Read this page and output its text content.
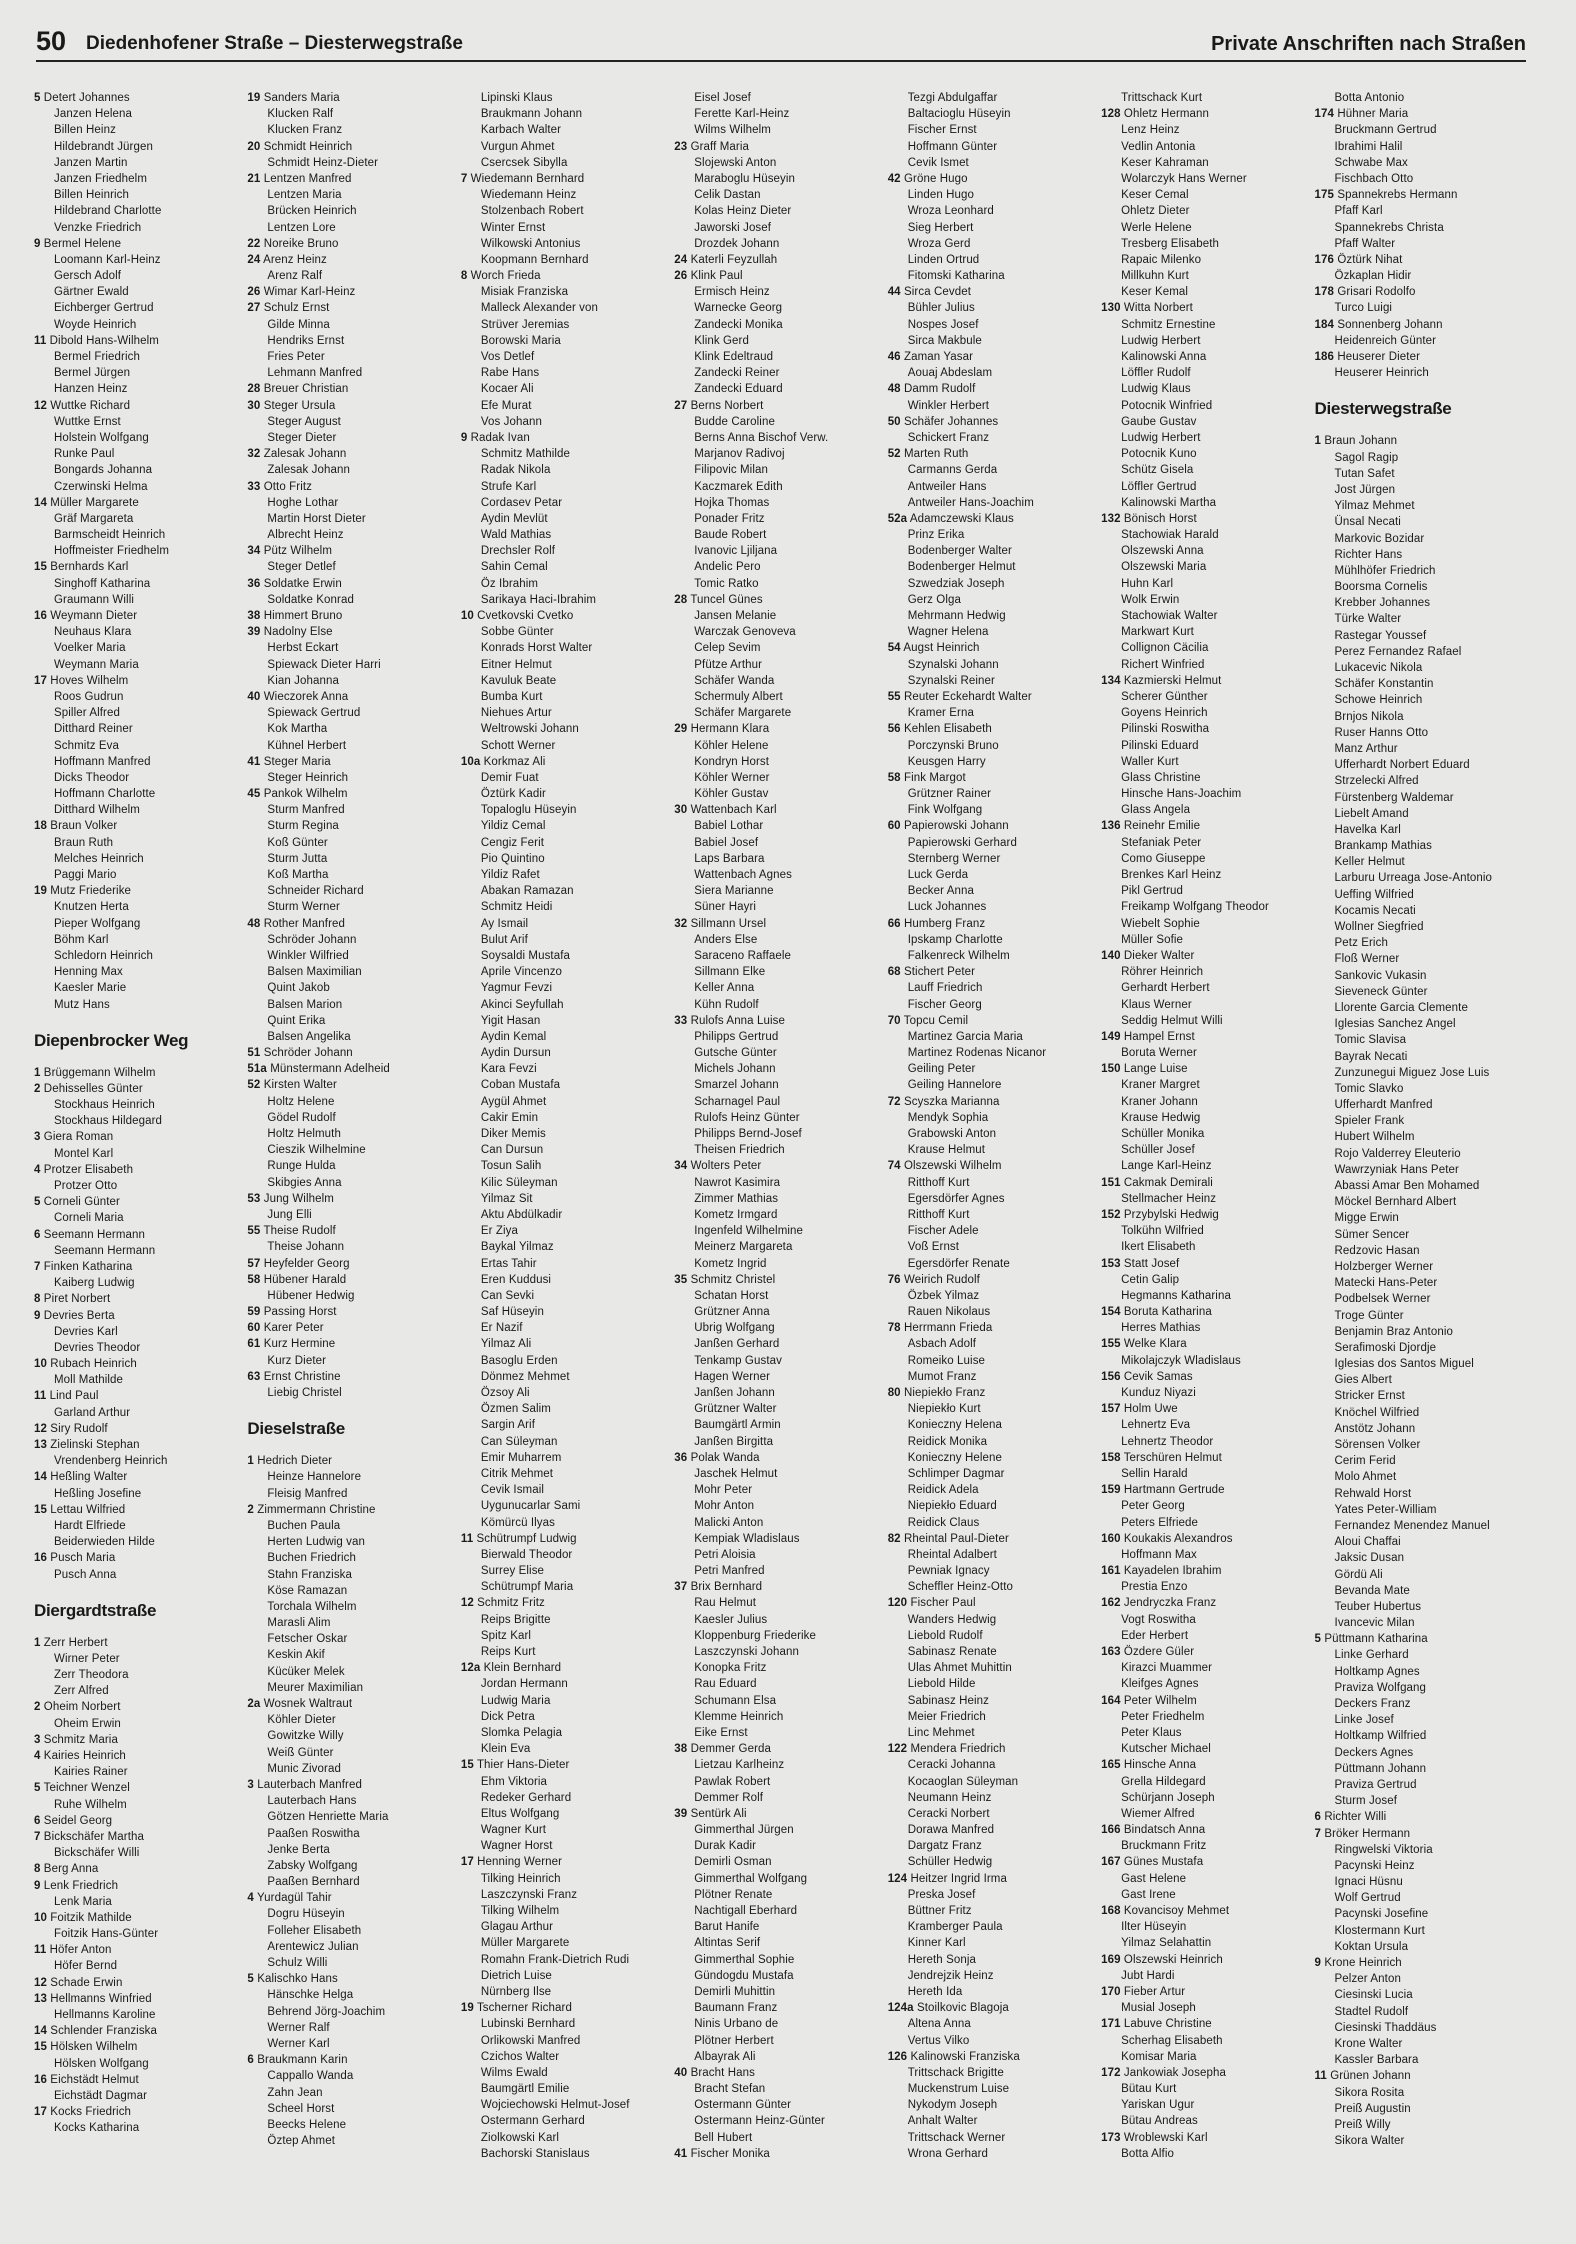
50 Diedenhofener Straße – Diesterwegstraße	Private Anschriften nach Straßen
5 Detert Johannes
Janzen Helena
Billen Heinz
Hildebrandt Jürgen
Janzen Martin
Janzen Friedhelm
Billen Heinrich
Hildebrand Charlotte
Venzke Friedrich
9 Bermel Helene
Loomann Karl-Heinz
Gersch Adolf
Gärtner Ewald
Eichberger Gertrud
Woyde Heinrich
11 Dibold Hans-Wilhelm
Bermel Friedrich
Bermel Jürgen
Hanzen Heinz
12 Wuttke Richard
Wuttke Ernst
Holstein Wolfgang
Runke Paul
Bongards Johanna
Czerwinski Helma
14 Müller Margarete
Gräf Margareta
Barmscheidt Heinrich
Hoffmeister Friedhelm
15 Bernhards Karl
Singhoff Katharina
Graumann Willi
16 Weymann Dieter
Neuhaus Klara
Voelker Maria
Weymann Maria
17 Hoves Wilhelm
Roos Gudrun
Spiller Alfred
Ditthard Reiner
Schmitz Eva
Hoffmann Manfred
Dicks Theodor
Hoffmann Charlotte
Ditthard Wilhelm
18 Braun Volker
Braun Ruth
Melches Heinrich
Paggi Mario
19 Mutz Friederike
Knutzen Herta
Pieper Wolfgang
Böhm Karl
Schledorn Heinrich
Henning Max
Kaesler Marie
Mutz Hans
Diepenbrocker Weg
1 Brüggemann Wilhelm
2 Dehisselles Günter
Stockhaus Heinrich
Stockhaus Hildegard
3 Giera Roman
Montel Karl
4 Protzer Elisabeth
Protzer Otto
5 Corneli Günter
Corneli Maria
6 Seemann Hermann
Seemann Hermann
7 Finken Katharina
Kaiberg Ludwig
8 Piret Norbert
9 Devries Berta
Devries Karl
Devries Theodor
10 Rubach Heinrich
Moll Mathilde
11 Lind Paul
Garland Arthur
12 Siry Rudolf
13 Zielinski Stephan
Vrendenberg Heinrich
14 Heßling Walter
Heßling Josefine
15 Lettau Wilfried
Hardt Elfriede
Beiderwieden Hilde
16 Pusch Maria
Pusch Anna
Diergardtstraße
1 Zerr Herbert
Wirner Peter
Zerr Theodora
Zerr Alfred
2 Oheim Norbert
Oheim Erwin
3 Schmitz Maria
4 Kairies Heinrich
Kairies Rainer
5 Teichner Wenzel
Ruhe Wilhelm
6 Seidel Georg
7 Bickschäfer Martha
Bickschäfer Willi
8 Berg Anna
9 Lenk Friedrich
Lenk Maria
10 Foitzik Mathilde
Foitzik Hans-Günter
11 Höfer Anton
Höfer Bernd
12 Schade Erwin
13 Hellmanns Winfried
Hellmanns Karoline
14 Schlender Franziska
15 Hölsken Wilhelm
Hölsken Wolfgang
16 Eichstädt Helmut
Eichstädt Dagmar
17 Kocks Friedrich
Kocks Katharina
19 Sanders Maria
Klucken Ralf
Klucken Franz
20 Schmidt Heinrich
Schmidt Heinz-Dieter
21 Lentzen Manfred
Lentzen Maria
Brücken Heinrich
Lentzen Lore
22 Noreike Bruno
24 Arenz Heinz
Arenz Ralf
26 Wimar Karl-Heinz
27 Schulz Ernst
Gilde Minna
Hendriks Ernst
Fries Peter
Lehmann Manfred
28 Breuer Christian
30 Steger Ursula
Steger August
Steger Dieter
32 Zalesak Johann
Zalesak Johann
33 Otto Fritz
Hoghe Lothar
Martin Horst Dieter
Albrecht Heinz
34 Pütz Wilhelm
Steger Detlef
36 Soldatke Erwin
Soldatke Konrad
38 Himmert Bruno
39 Nadolny Else
Herbst Eckart
Spiewack Dieter Harri
Kian Johanna
40 Wieczorek Anna
Spiewack Gertrud
Kok Martha
Kühnel Herbert
41 Steger Maria
Steger Heinrich
45 Pankok Wilhelm
Sturm Manfred
Sturm Regina
Koß Günter
Sturm Jutta
Koß Martha
Schneider Richard
Sturm Werner
48 Rother Manfred
Schröder Johann
Winkler Wilfried
Balsen Maximilian
Quint Jakob
Balsen Marion
Quint Erika
Balsen Angelika
51 Schröder Johann
51a Münstermann Adelheid
52 Kirsten Walter
Holtz Helene
Gödel Rudolf
Holtz Helmuth
Cieszik Wilhelmine
Runge Hulda
Skibgies Anna
53 Jung Wilhelm
Jung Elli
55 Theise Rudolf
Theise Johann
57 Heyfelder Georg
58 Hübener Harald
Hübener Hedwig
59 Passing Horst
60 Karer Peter
61 Kurz Hermine
Kurz Dieter
63 Ernst Christine
Liebig Christel
Dieselstraße
1 Hedrich Dieter
Heinze Hannelore
Fleisig Manfred
2 Zimmermann Christine
Buchen Paula
Herten Ludwig van
Buchen Friedrich
Stahn Franziska
Köse Ramazan
Torchala Wilhelm
Marasli Alim
Fetscher Oskar
Keskin Akif
Kücüker Melek
Meurer Maximilian
2a Wosnek Waltraut
Köhler Dieter
Gowitzke Willy
Weiß Günter
Munic Zivorad
3 Lauterbach Manfred
Lauterbach Hans
Götzen Henriette Maria
Paaßen Roswitha
Jenke Berta
Zabsky Wolfgang
Paaßen Bernhard
4 Yurdagül Tahir
Dogru Hüseyin
Folleher Elisabeth
Arentewicz Julian
Schulz Willi
5 Kalischko Hans
Hänschke Helga
Behrend Jörg-Joachim
Werner Ralf
Werner Karl
6 Braukmann Karin
Cappallo Wanda
Zahn Jean
Scheel Horst
Beecks Helene
Öztep Ahmet
Lipinski Klaus
Braukmann Johann
Karbach Walter
Vurgun Ahmet
Csercsek Sibylla
7 Wiedemann Bernhard
Wiedemann Heinz
Stolzenbach Robert
Winter Ernst
Wilkowski Antonius
Koopmann Bernhard
8 Worch Frieda
Misiak Franziska
Malleck Alexander von
Strüver Jeremias
Borowski Maria
Vos Detlef
Rabe Hans
Kocaer Ali
Efe Murat
Vos Johann
9 Radak Ivan
Schmitz Mathilde
Radak Nikola
Strufe Karl
Cordasev Petar
Aydin Mevlüt
Wald Mathias
Drechsler Rolf
Sahin Cemal
Öz Ibrahim
Sarikaya Haci-Ibrahim
10 Cvetkovski Cvetko
Sobbe Günter
Konrads Horst Walter
Eitner Helmut
Kavuluk Beate
Bumba Kurt
Niehues Artur
Weltrowski Johann
Schott Werner
10a Korkmaz Ali
Demir Fuat
Öztürk Kadir
Topaloglu Hüseyin
Yildiz Cemal
Cengiz Ferit
Pio Quintino
Yildiz Rafet
Abakan Ramazan
Schmitz Heidi
Ay Ismail
Bulut Arif
Soysaldi Mustafa
Aprile Vincenzo
Yagmur Fevzi
Akinci Seyfullah
Yigit Hasan
Aydin Kemal
Aydin Dursun
Kara Fevzi
Coban Mustafa
Aygül Ahmet
Cakir Emin
Diker Memis
Can Dursun
Tosun Salih
Kilic Süleyman
Yilmaz Sit
Aktu Abdülkadir
Er Ziya
Baykal Yilmaz
Ertas Tahir
Eren Kuddusi
Can Sevki
Saf Hüseyin
Er Nazif
Yilmaz Ali
Basoglu Erden
Dönmez Mehmet
Özsoy Ali
Özmen Salim
Sargin Arif
Can Süleyman
Emir Muharrem
Citrik Mehmet
Cevik Ismail
Uygunucarlar Sami
Kömürcü Ilyas
11 Schütrumpf Ludwig
Bierwald Theodor
Surrey Elise
Schütrumpf Maria
12 Schmitz Fritz
Reips Brigitte
Spitz Karl
Reips Kurt
12a Klein Bernhard
Jordan Hermann
Ludwig Maria
Dick Petra
Slomka Pelagia
Klein Eva
15 Thier Hans-Dieter
Ehm Viktoria
Redeker Gerhard
Eltus Wolfgang
Wagner Kurt
Wagner Horst
17 Henning Werner
Tilking Heinrich
Laszczynski Franz
Tilking Wilhelm
Glagau Arthur
Müller Margarete
Romahn Frank-Dietrich Rudi
Dietrich Luise
Nürnberg Ilse
19 Tscherner Richard
Lubinski Bernhard
Orlikowski Manfred
Czichos Walter
Wilms Ewald
Baumgärtl Emilie
Wojciechowski Helmut-Josef
Ostermann Gerhard
Ziolkowski Karl
Bachorski Stanislaus
Eisel Josef
Ferette Karl-Heinz
Wilms Wilhelm
23 Graff Maria
Slojewski Anton
Maraboglu Hüseyin
Celik Dastan
Kolas Heinz Dieter
Jaworski Josef
Drozdek Johann
24 Katerli Feyzullah
26 Klink Paul
Ermisch Heinz
Warnecke Georg
Zandecki Monika
Klink Gerd
Klink Edeltraud
Zandecki Reiner
Zandecki Eduard
27 Berns Norbert
Budde Caroline
Berns Anna Bischof Verw.
Marjanov Radivoj
Filipovic Milan
Kaczmarek Edith
Hojka Thomas
Ponader Fritz
Baude Robert
Ivanovic Ljiljana
Andelic Pero
Tomic Ratko
28 Tuncel Günes
Jansen Melanie
Warczak Genoveva
Celep Sevim
Pfütze Arthur
Schäfer Wanda
Schermuly Albert
Schäfer Margarete
29 Hermann Klara
Köhler Helene
Kondryn Horst
Köhler Werner
Köhler Gustav
30 Wattenbach Karl
Babiel Lothar
Babiel Josef
Laps Barbara
Wattenbach Agnes
Siera Marianne
Süner Hayri
32 Sillmann Ursel
Anders Else
Saraceno Raffaele
Sillmann Elke
Keller Anna
Kühn Rudolf
33 Rulofs Anna Luise
Philipps Gertrud
Gutsche Günter
Michels Johann
Smarzel Johann
Scharnagel Paul
Rulofs Heinz Günter
Philipps Bernd-Josef
Theisen Friedrich
34 Wolters Peter
Nawrot Kasimira
Zimmer Mathias
Kometz Irmgard
Ingenfeld Wilhelmine
Meinerz Margareta
Kometz Ingrid
35 Schmitz Christel
Schatan Horst
Grützner Anna
Ubrig Wolfgang
Janßen Gerhard
Tenkamp Gustav
Hagen Werner
Janßen Johann
Grützner Walter
Baumgärtl Armin
Janßen Birgitta
36 Polak Wanda
Jaschek Helmut
Mohr Peter
Mohr Anton
Malicki Anton
Kempiak Wladislaus
Petri Aloisia
Petri Manfred
37 Brix Bernhard
Rau Helmut
Kaesler Julius
Kloppenburg Friederike
Laszczynski Johann
Konopka Fritz
Rau Eduard
Schumann Elsa
Klemme Heinrich
Eike Ernst
38 Demmer Gerda
Lietzau Karlheinz
Pawlak Robert
Demmer Rolf
39 Sentürk Ali
Gimmerthal Jürgen
Durak Kadir
Demirli Osman
Gimmerthal Wolfgang
Plötner Renate
Nachtigall Eberhard
Barut Hanife
Altintas Serif
Gimmerthal Sophie
Gündogdu Mustafa
Demirli Muhittin
Baumann Franz
Ninis Urbano de
Plötner Herbert
Albayrak Ali
40 Bracht Hans
Bracht Stefan
Ostermann Günter
Ostermann Heinz-Günter
Bell Hubert
41 Fischer Monika
Tezgi Abdulgaffar
Baltacioglu Hüseyin
Fischer Ernst
Hoffmann Günter
Cevik Ismet
42 Gröne Hugo
Linden Hugo
Wroza Leonhard
Sieg Herbert
Wroza Gerd
Linden Ortrud
Fitomski Katharina
44 Sirca Cevdet
Bühler Julius
Nospes Josef
Sirca Makbule
46 Zaman Yasar
Aouaj Abdeslam
48 Damm Rudolf
Winkler Herbert
50 Schäfer Johannes
Schickert Franz
52 Marten Ruth
Carmanns Gerda
Antweiler Hans
Antweiler Hans-Joachim
52a Adamczewski Klaus
Prinz Erika
Bodenberger Walter
Bodenberger Helmut
Szwedziak Joseph
Gerz Olga
Mehrmann Hedwig
Wagner Helena
54 Augst Heinrich
Szynalski Johann
Szynalski Reiner
55 Reuter Eckehardt Walter
Kramer Erna
56 Kehlen Elisabeth
Porczynski Bruno
Keusgen Harry
58 Fink Margot
Grützner Rainer
Fink Wolfgang
60 Papierowski Johann
Papierowski Gerhard
Sternberg Werner
Luck Gerda
Becker Anna
Luck Johannes
66 Humberg Franz
Ipskamp Charlotte
Falkenreck Wilhelm
68 Stichert Peter
Lauff Friedrich
Fischer Georg
70 Topcu Cemil
Martinez Garcia Maria
Martinez Rodenas Nicanor
Geiling Peter
Geiling Hannelore
72 Scyszka Marianna
Mendyk Sophia
Grabowski Anton
Krause Helmut
74 Olszewski Wilhelm
Ritthoff Kurt
Egersdörfer Agnes
Ritthoff Kurt
Fischer Adele
Voß Ernst
Egersdörfer Renate
76 Weirich Rudolf
Özbek Yilmaz
Rauen Nikolaus
78 Herrmann Frieda
Asbach Adolf
Romeiko Luise
Mumot Franz
80 Niepiekło Franz
Niepiekło Kurt
Konieczny Helena
Reidick Monika
Konieczny Helene
Schlimper Dagmar
Reidick Adela
Niepiekło Eduard
Reidick Claus
82 Rheintal Paul-Dieter
Rheintal Adalbert
Pewniak Ignacy
Scheffler Heinz-Otto
120 Fischer Paul
Wanders Hedwig
Liebold Rudolf
Sabinasz Renate
Ulas Ahmet Muhittin
Liebold Hilde
Sabinasz Heinz
Meier Friedrich
Linc Mehmet
122 Mendera Friedrich
Ceracki Johanna
Kocaoglan Süleyman
Neumann Heinz
Ceracki Norbert
Dorawa Manfred
Dargatz Franz
Schüller Hedwig
124 Heitzer Ingrid Irma
Preska Josef
Büttner Fritz
Kramberger Paula
Kinner Karl
Hereth Sonja
Jendrejzik Heinz
Hereth Ida
124a Stoilkovic Blagoja
Altena Anna
Vertus Vilko
126 Kalinowski Franziska
Trittschack Brigitte
Muckenstrum Luise
Nykodym Joseph
Anhalt Walter
Trittschack Werner
Wrona Gerhard
Trittschack Kurt
128 Ohletz Hermann
Lenz Heinz
Vedlin Antonia
Keser Kahraman
Wolarczyk Hans Werner
Keser Cemal
Ohletz Dieter
Werle Helene
Tresberg Elisabeth
Rapaic Milenko
Millkuhn Kurt
Keser Kemal
130 Witta Norbert
Schmitz Ernestine
Ludwig Herbert
Kalinowski Anna
Löffler Rudolf
Ludwig Klaus
Potocnik Winfried
Gaube Gustav
Ludwig Herbert
Potocnik Kuno
Schütz Gisela
Löffler Gertrud
Kalinowski Martha
132 Bönisch Horst
Stachowiak Harald
Olszewski Anna
Olszewski Maria
Huhn Karl
Wolk Erwin
Stachowiak Walter
Markwart Kurt
Collignon Cäcilia
Richert Winfried
134 Kazmierski Helmut
Scherer Günther
Goyens Heinrich
Pilinski Roswitha
Pilinski Eduard
Waller Kurt
Glass Christine
Hinsche Hans-Joachim
Glass Angela
136 Reinehr Emilie
Stefaniak Peter
Como Giuseppe
Brenkes Karl Heinz
Pikl Gertrud
Freikamp Wolfgang Theodor
Wiebelt Sophie
Müller Sofie
140 Dieker Walter
Röhrer Heinrich
Gerhardt Herbert
Klaus Werner
Seddig Helmut Willi
149 Hampel Ernst
Boruta Werner
150 Lange Luise
Kraner Margret
Kraner Johann
Krause Hedwig
Schüller Monika
Schüller Josef
Lange Karl-Heinz
151 Cakmak Demirali
Stellmacher Heinz
152 Przybylski Hedwig
Tolkühn Wilfried
Ikert Elisabeth
153 Statt Josef
Cetin Galip
Hegmanns Katharina
154 Boruta Katharina
Herres Mathias
155 Welke Klara
Mikolajczyk Wladislaus
156 Cevik Samas
Kunduz Niyazi
157 Holm Uwe
Lehnertz Eva
Lehnertz Theodor
158 Terschüren Helmut
Sellin Harald
159 Hartmann Gertrude
Peter Georg
Peters Elfriede
160 Koukakis Alexandros
Hoffmann Max
161 Kayadelen Ibrahim
Prestia Enzo
162 Jendryczka Franz
Vogt Roswitha
Eder Herbert
163 Özdere Güler
Kirazci Muammer
Kleifges Agnes
164 Peter Wilhelm
Peter Friedhelm
Peter Klaus
Kutscher Michael
165 Hinsche Anna
Grella Hildegard
Schürjann Joseph
Wiemer Alfred
166 Bindatsch Anna
Bruckmann Fritz
167 Günes Mustafa
Gast Helene
Gast Irene
168 Kovancisoy Mehmet
Ilter Hüseyin
Yilmaz Selahattin
169 Olszewski Heinrich
Jubt Hardi
170 Fieber Artur
Musial Joseph
171 Labuve Christine
Scherhag Elisabeth
Komisar Maria
172 Jankowiak Josepha
Bütau Kurt
Yariskan Ugur
Bütau Andreas
173 Wroblewski Karl
Botta Alfio
Botta Antonio
174 Hühner Maria
Bruckmann Gertrud
Ibrahimi Halil
Schwabe Max
Fischbach Otto
175 Spannekrebs Hermann
Pfaff Karl
Spannekrebs Christa
Pfaff Walter
176 Öztürk Nihat
Özkaplan Hidir
178 Grisari Rodolfo
Turco Luigi
184 Sonnenberg Johann
Heidenreich Günter
186 Heuserer Dieter
Heuserer Heinrich
Diesterwegstraße
1 Braun Johann
Sagol Ragip
Tutan Safet
Jost Jürgen
Yilmaz Mehmet
Ünsal Necati
Markovic Bozidar
Richter Hans
Mühlhöfer Friedrich
Boorsma Cornelis
Krebber Johannes
Türke Walter
Rastegar Youssef
Perez Fernandez Rafael
Lukacevic Nikola
Schäfer Konstantin
Schowe Heinrich
Brnjos Nikola
Ruser Hanns Otto
Manz Arthur
Ufferhardt Norbert Eduard
Strzelecki Alfred
Fürstenberg Waldemar
Liebelt Amand
Havelka Karl
Brankamp Mathias
Keller Helmut
Larburu Urreaga Jose-Antonio
Ueffing Wilfried
Kocamis Necati
Wollner Siegfried
Petz Erich
Floß Werner
Sankovic Vukasin
Sieveneck Günter
Llorente Garcia Clemente
Iglesias Sanchez Angel
Tomic Slavisa
Bayrak Necati
Zunzunegui Miguez Jose Luis
Tomic Slavko
Ufferhardt Manfred
Spieler Frank
Hubert Wilhelm
Rojo Valderrey Eleuterio
Wawrzyniak Hans Peter
Abassi Amar Ben Mohamed
Möckel Bernhard Albert
Migge Erwin
Sümer Sencer
Redzovic Hasan
Holzberger Werner
Matecki Hans-Peter
Podbelsek Werner
Troge Günter
Benjamin Braz Antonio
Serafimoski Djordje
Iglesias dos Santos Miguel
Gies Albert
Stricker Ernst
Knöchel Wilfried
Anstötz Johann
Sörensen Volker
Cerim Ferid
Molo Ahmet
Rehwald Horst
Yates Peter-William
Fernandez Menendez Manuel
Aloui Chaffai
Jaksic Dusan
Gördü Ali
Bevanda Mate
Teuber Hubertus
Ivancevic Milan
5 Püttmann Katharina
Linke Gerhard
Holtkamp Agnes
Praviza Wolfgang
Deckers Franz
Linke Josef
Holtkamp Wilfried
Deckers Agnes
Püttmann Johann
Praviza Gertrud
Sturm Josef
6 Richter Willi
7 Bröker Hermann
Ringwelski Viktoria
Pacynski Heinz
Ignaci Hüsnu
Wolf Gertrud
Pacynski Josefine
Klostermann Kurt
Koktan Ursula
9 Krone Heinrich
Pelzer Anton
Ciesinski Lucia
Stadtel Rudolf
Ciesinski Thaddäus
Krone Walter
Kassler Barbara
11 Grünen Johann
Sikora Rosita
Preiß Augustin
Preiß Willy
Sikora Walter
